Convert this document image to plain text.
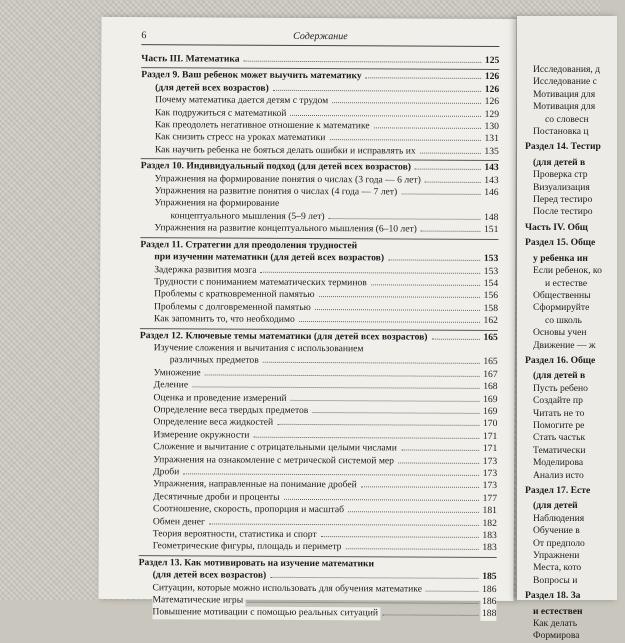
6	Содержание
Часть III. Математика	125
Раздел 9. Ваш ребенок может выучить математику	126
(для детей всех возрастов)	126
Почему математика дается детям с трудом	126
Как подружиться с математикой	129
Как преодолеть негативное отношение к математике	130
Как снизить стресс на уроках математики	131
Как научить ребенка не бояться делать ошибки и исправлять их	135
Раздел 10. Индивидуальный подход (для детей всех возрастов)	143
Упражнения на формирование понятия о числах (3 года — 6 лет)	143
Упражнения на развитие понятия о числах (4 года — 7 лет)	146
Упражнения на формирование
концептуального мышления (5–9 лет)	148
Упражнения на развитие концептуального мышления (6–10 лет)	151
Раздел 11. Стратегии для преодоления трудностей
при изучении математики (для детей всех возрастов)	153
Задержка развития мозга	153
Трудности с пониманием математических терминов	154
Проблемы с кратковременной памятью	156
Проблемы с долговременной памятью	158
Как запомнить то, что необходимо	162
Раздел 12. Ключевые темы математики (для детей всех возрастов)	165
Изучение сложения и вычитания с использованием
различных предметов	165
Умножение	167
Деление	168
Оценка и проведение измерений	169
Определение веса твердых предметов	169
Определение веса жидкостей	170
Измерение окружности	171
Сложение и вычитание с отрицательными целыми числами	171
Упражнения на ознакомление с метрической системой мер	173
Дроби	173
Упражнения, направленные на понимание дробей	173
Десятичные дроби и проценты	177
Соотношение, скорость, пропорция и масштаб	181
Обмен денег	182
Теория вероятности, статистика и спорт	183
Геометрические фигуры, площадь и периметр	183
Раздел 13. Как мотивировать на изучение математики
(для детей всех возрастов)	185
Ситуации, которые можно использовать для обучения математике	186
Математические игры	186
Повышение мотивации с помощью реальных ситуаций	188
Исследования, д
Исследование с
Мотивация для
Мотивация для
со словесн
Постановка ц
Раздел 14. Тестир
(для детей в
Проверка стр
Визуализация
Перед тестиро
После тестиро
Часть IV. Общ
Раздел 15. Обще
у ребенка ин
Если ребенок, ко
и естестве
Общественны
Сформируйте
со школь
Основы учен
Движение — ж
Раздел 16. Обще
(для детей в
Пусть ребено
Создайте пр
Читать не то
Помогите ре
Стать частьк
Тематически
Моделирова
Анализ исто
Раздел 17. Есте
(для детей
Наблюдения
Обучение в
От предполо
Упражнени
Места, кото
Вопросы и
Раздел 18. За
и естествен
Как делать
Формирова
